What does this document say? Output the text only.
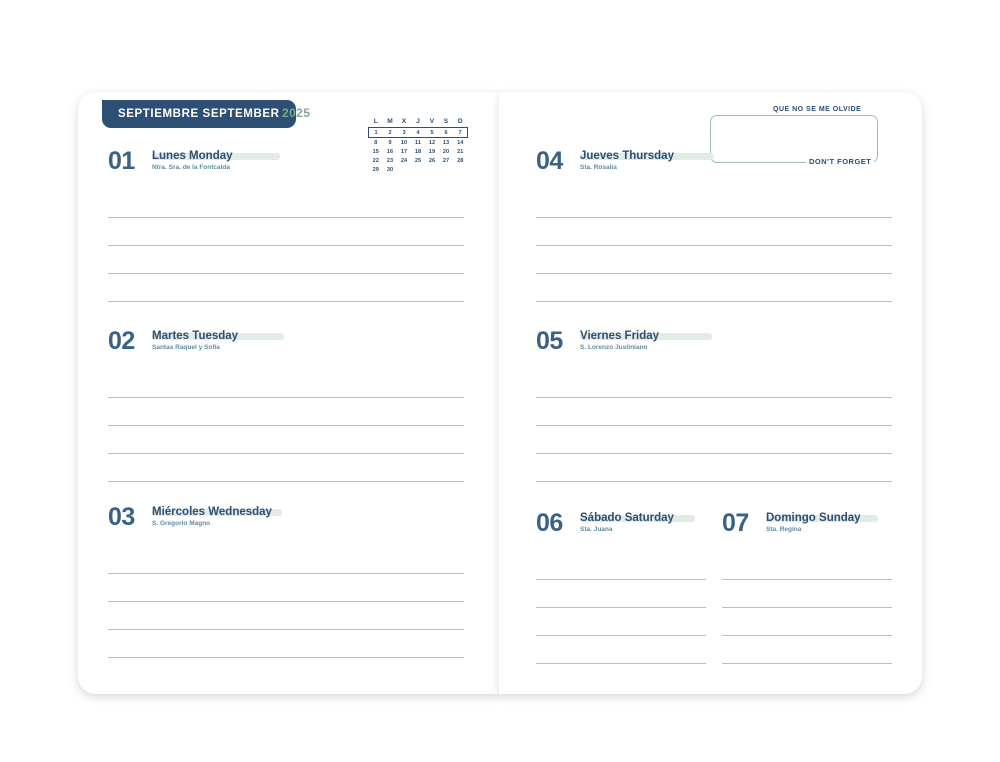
SEPTIEMBRE SEPTEMBER 2025
L	M	X	J	V	S	D
1	2	3	4	5	6	7
8	9	10	11	12	13	14
15	16	17	18	19	20	21
22	23	24	25	26	27	28
29	30					
01 Lunes Monday
Ntra. Sra. de la Fontcalda
02 Martes Tuesday
Santas Raquel y Sofía
03 Miércoles Wednesday
S. Gregorio Magno
QUE NO SE ME OLVIDE
DON'T FORGET
04 Jueves Thursday
Sta. Rosalía
05 Viernes Friday
S. Lorenzo Justiniano
06 Sábado Saturday
Sta. Juana	07 Domingo Sunday
Sta. Regina
